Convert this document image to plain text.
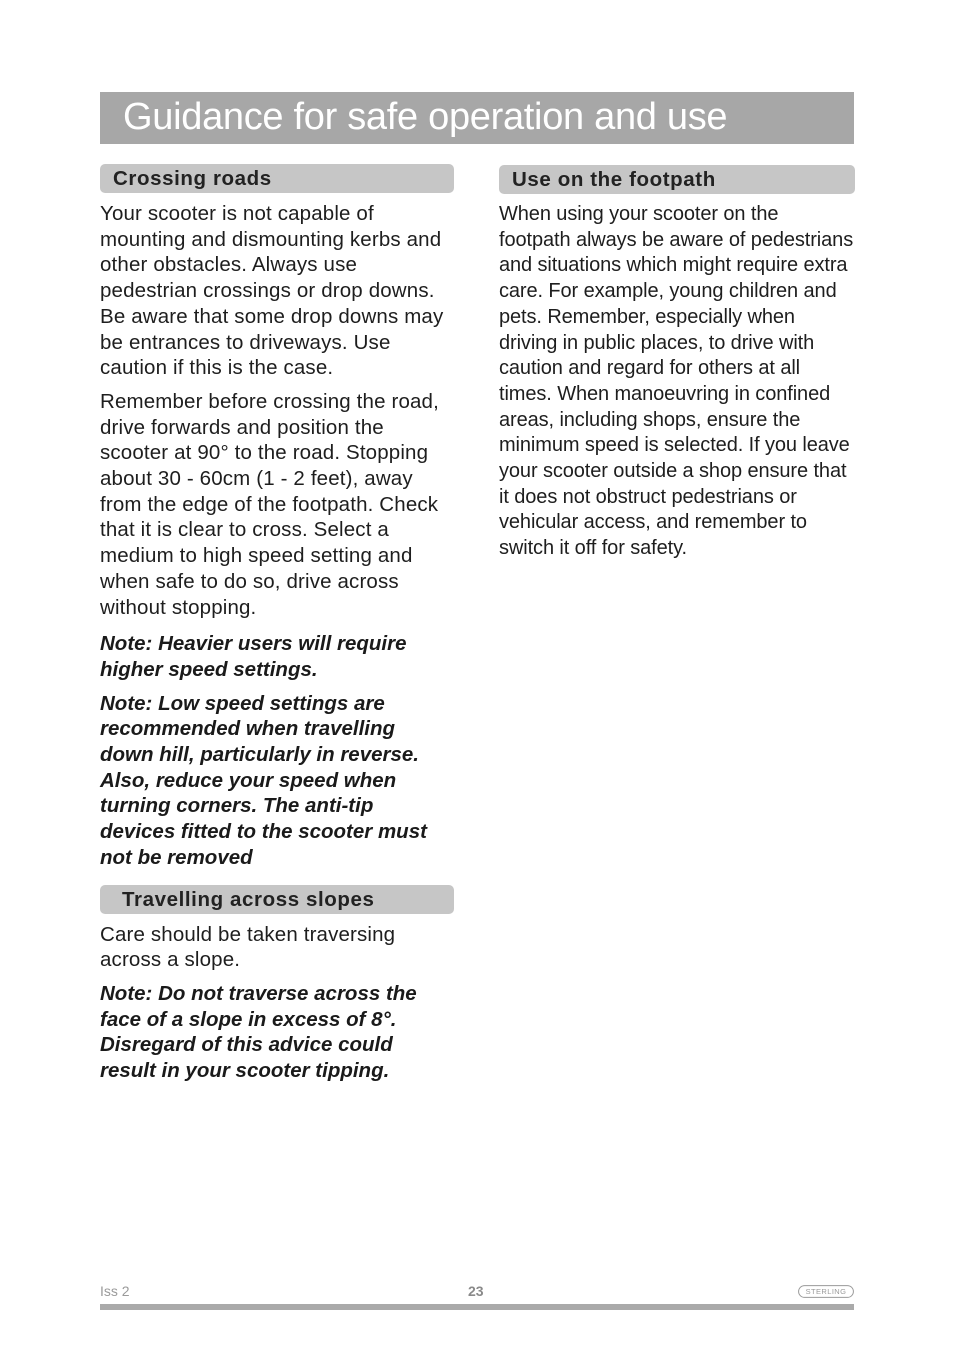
Guidance for safe operation and use
Crossing roads

Your scooter is not capable of mounting and dismounting kerbs and other obstacles. Always use pedestrian crossings or drop downs. Be aware that some drop downs may be entrances to driveways. Use caution if this is the case.

Remember before crossing the road, drive forwards and position the scooter at 90° to the road. Stopping about 30 - 60cm (1 - 2 feet), away from the edge of the footpath. Check that it is clear to cross. Select a medium to high speed setting and when safe to do so, drive across without stopping.

Note: Heavier users will require higher speed settings.

Note: Low speed settings are recommended when travelling down hill, particularly in reverse. Also, reduce your speed when turning corners. The anti-tip devices fitted to the scooter must not be removed

Travelling across slopes

Care should be taken traversing across a slope.

Note: Do not traverse across the face of a slope in excess of 8°. Disregard of this advice could result in your scooter tipping.

Use on the footpath

When using your scooter on the footpath always be aware of pedestrians and situations which might require extra care. For example, young children and pets. Remember, especially when driving in public places, to drive with caution and regard for others at all times. When manoeuvring in confined areas, including shops, ensure the minimum speed is selected. If you leave your scooter outside a shop ensure that it does not obstruct pedestrians or vehicular access, and remember to switch it off for safety.

Iss 2	23	STERLING
